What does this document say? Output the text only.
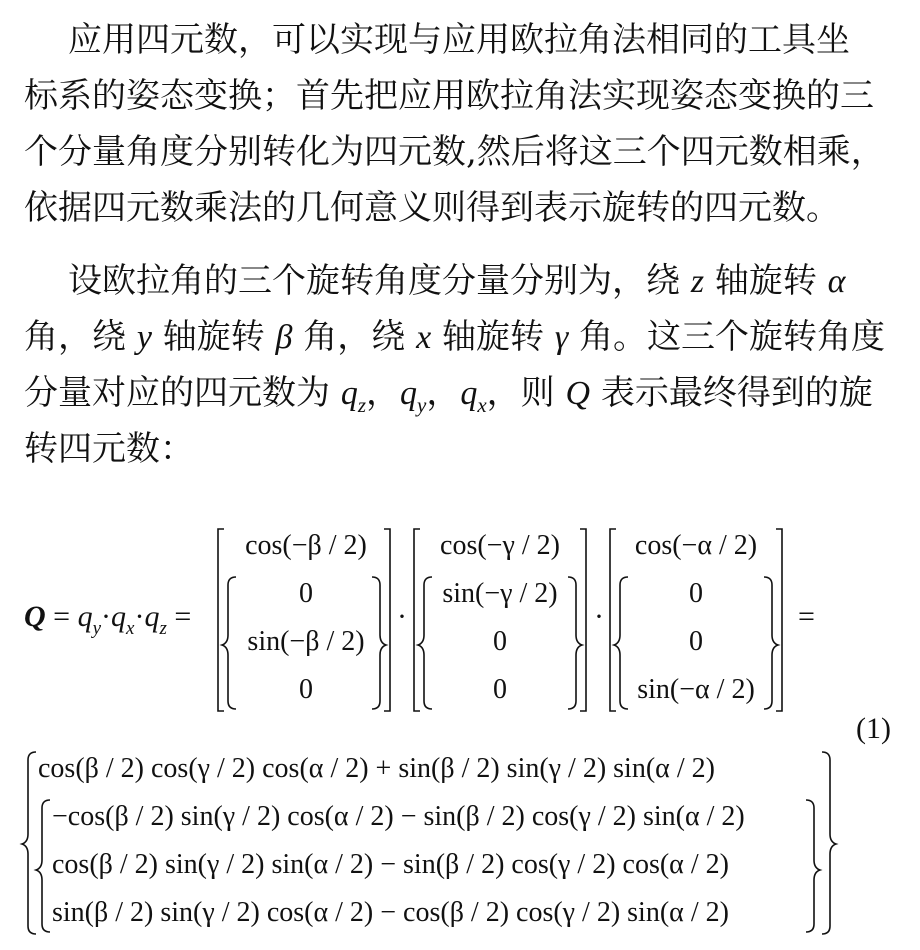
应用四元数，可以实现与应用欧拉角法相同的工具坐
标系的姿态变换；首先把应用欧拉角法实现姿态变换的三
个分量角度分别转化为四元数,然后将这三个四元数相乘，
依据四元数乘法的几何意义则得到表示旋转的四元数。
设欧拉角的三个旋转角度分量分别为，绕 z 轴旋转 α
角，绕 y 轴旋转 β 角，绕 x 轴旋转 γ 角。这三个旋转角度
分量对应的四元数为 $q_z$，$q_y$，$q_x$，则 Q 表示最终得到的旋
转四元数：
$Q = q_y\cdot q_x\cdot q_z$ =
cos(−β / 2)
0
sin(−β / 2)
0
·
cos(−γ / 2)
sin(−γ / 2)
0
0
·
cos(−α / 2)
0
0
sin(−α / 2)
=
(1)
cos(β / 2) cos(γ / 2) cos(α / 2) + sin(β / 2) sin(γ / 2) sin(α / 2)
−cos(β / 2) sin(γ / 2) cos(α / 2) − sin(β / 2) cos(γ / 2) sin(α / 2)
cos(β / 2) sin(γ / 2) sin(α / 2) − sin(β / 2) cos(γ / 2) cos(α / 2)
sin(β / 2) sin(γ / 2) cos(α / 2) − cos(β / 2) cos(γ / 2) sin(α / 2)
